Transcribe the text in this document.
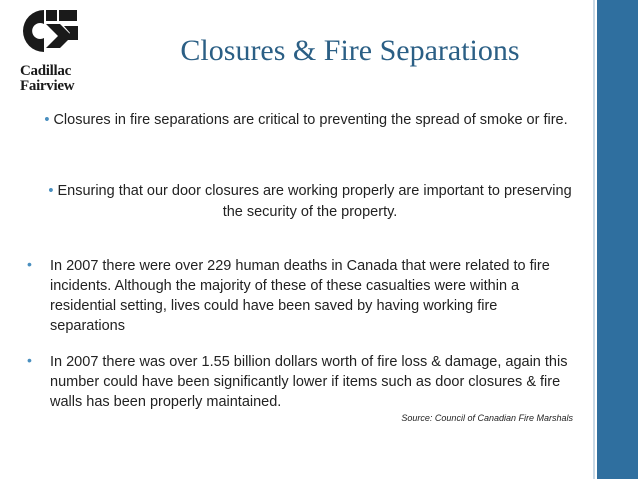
Cadillac
Fairview
Closures & Fire Separations
• Closures in fire separations are critical to preventing the spread of smoke or fire.
• Ensuring that our door closures are working properly are important to preserving the security of the property.
• In 2007 there were over 229 human deaths in Canada that were related to fire incidents. Although the majority of these of these casualties were within a residential setting, lives could have been saved by having working fire separations
• In 2007 there was over 1.55 billion dollars worth of fire loss & damage, again this number could have been significantly lower if items such as door closures & fire walls has been properly maintained.
Source: Council of Canadian Fire Marshals
